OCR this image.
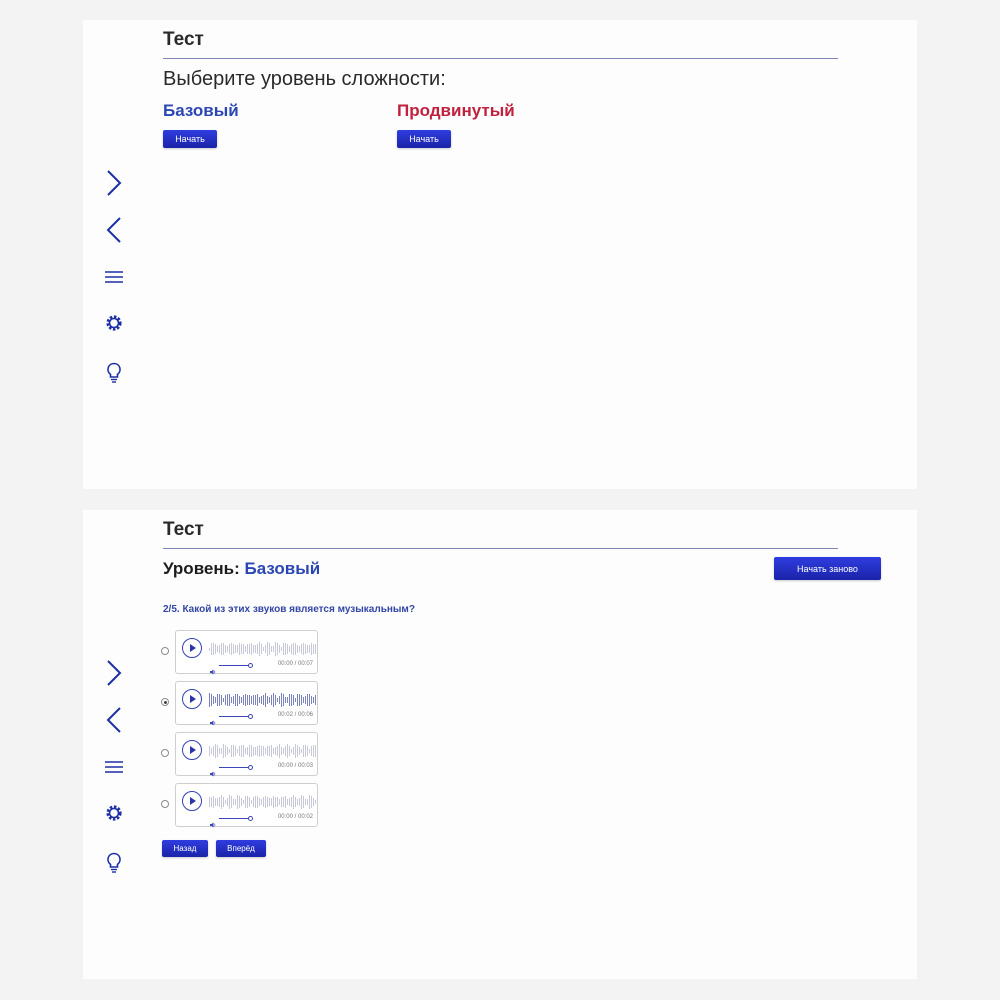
Тест
Выберите уровень сложности:
Базовый
Начать
Продвинутый
Начать
Тест
Уровень: Базовый	Начать заново
2/5. Какой из этих звуков является музыкальным?
00:00 / 00:07
00:02 / 00:06
00:00 / 00:03
00:00 / 00:02
Назад	Вперёд
